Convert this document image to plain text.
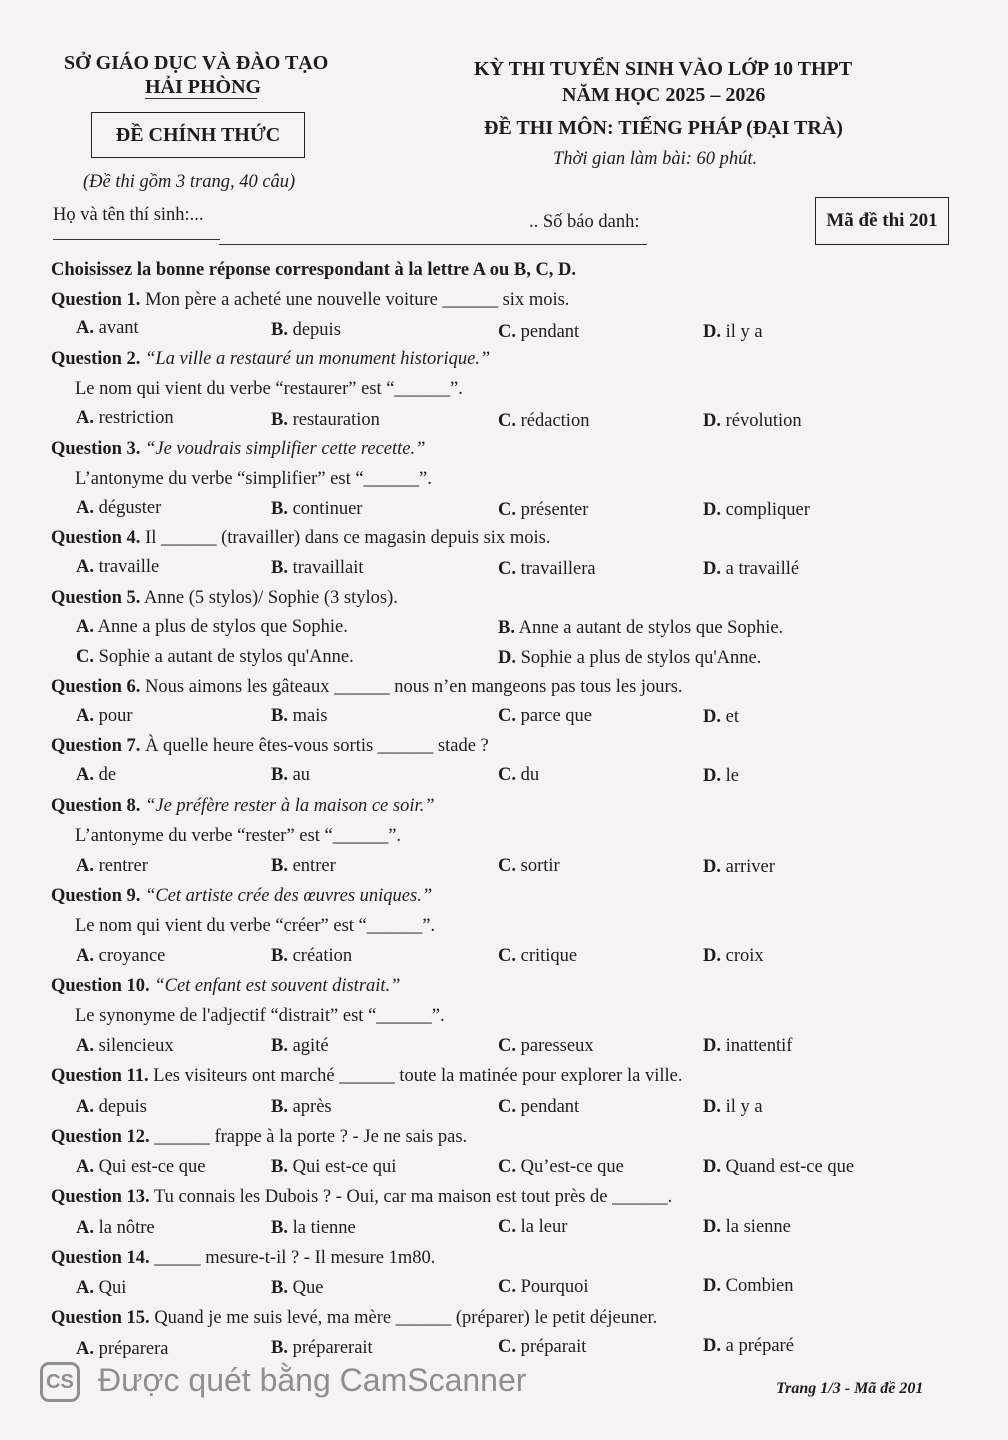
SỞ GIÁO DỤC VÀ ĐÀO TẠO
HẢI PHÒNG
ĐỀ CHÍNH THỨC
(Đề thi gồm 3 trang, 40 câu)
KỲ THI TUYỂN SINH VÀO LỚP 10 THPT
NĂM HỌC 2025 – 2026
ĐỀ THI MÔN: TIẾNG PHÁP (ĐẠI TRÀ)
Thời gian làm bài: 60 phút.
Họ và tên thí sinh:...	.. Số báo danh:	Mã đề thi 201
Choisissez la bonne réponse correspondant à la lettre A ou B, C, D.
Question 1. Mon père a acheté une nouvelle voiture ______ six mois.
A. avant	B. depuis	C. pendant	D. il y a
Question 2. “La ville a restauré un monument historique.”
Le nom qui vient du verbe “restaurer” est “______”.
A. restriction	B. restauration	C. rédaction	D. révolution
Question 3. “Je voudrais simplifier cette recette.”
L’antonyme du verbe “simplifier” est “______”.
A. déguster	B. continuer	C. présenter	D. compliquer
Question 4. Il ______ (travailler) dans ce magasin depuis six mois.
A. travaille	B. travaillait	C. travaillera	D. a travaillé
Question 5. Anne (5 stylos)/ Sophie (3 stylos).
A. Anne a plus de stylos que Sophie.	B. Anne a autant de stylos que Sophie.
C. Sophie a autant de stylos qu'Anne.	D. Sophie a plus de stylos qu'Anne.
Question 6. Nous aimons les gâteaux ______ nous n’en mangeons pas tous les jours.
A. pour	B. mais	C. parce que	D. et
Question 7. À quelle heure êtes-vous sortis ______ stade ?
A. de	B. au	C. du	D. le
Question 8. “Je préfère rester à la maison ce soir.”
L’antonyme du verbe “rester” est “______”.
A. rentrer	B. entrer	C. sortir	D. arriver
Question 9. “Cet artiste crée des œuvres uniques.”
Le nom qui vient du verbe “créer” est “______”.
A. croyance	B. création	C. critique	D. croix
Question 10. “Cet enfant est souvent distrait.”
Le synonyme de l'adjectif “distrait” est “______”.
A. silencieux	B. agité	C. paresseux	D. inattentif
Question 11. Les visiteurs ont marché ______ toute la matinée pour explorer la ville.
A. depuis	B. après	C. pendant	D. il y a
Question 12. ______ frappe à la porte ? - Je ne sais pas.
A. Qui est-ce que	B. Qui est-ce qui	C. Qu’est-ce que	D. Quand est-ce que
Question 13. Tu connais les Dubois ? - Oui, car ma maison est tout près de ______.
A. la nôtre	B. la tienne	C. la leur	D. la sienne
Question 14. _____ mesure-t-il ? - Il mesure 1m80.
A. Qui	B. Que	C. Pourquoi	D. Combien
Question 15. Quand je me suis levé, ma mère ______ (préparer) le petit déjeuner.
A. préparera	B. préparerait	C. préparait	D. a préparé
CS Được quét bằng CamScanner	Trang 1/3 - Mã đề 201
